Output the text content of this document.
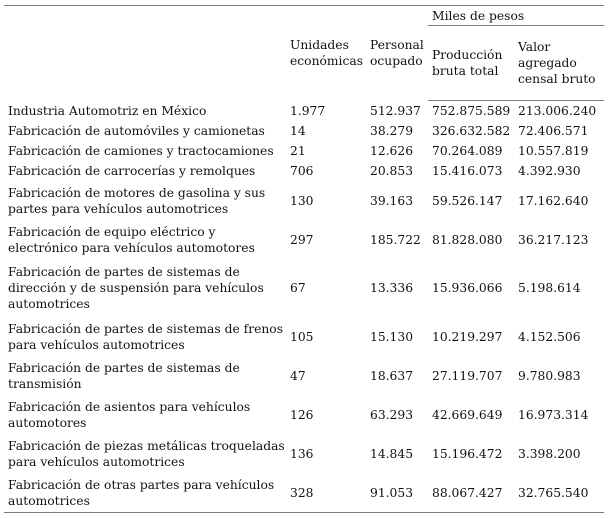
	Unidades económicas	Personal ocupado	Miles de pesos	
			Producción bruta total	Valor agregado censal bruto
Industria Automotriz en México	1.977	512.937	752.875.589	213.006.240
Fabricación de automóviles y camionetas	14	38.279	326.632.582	72.406.571
Fabricación de camiones y tractocamiones	21	12.626	70.264.089	10.557.819
Fabricación de carrocerías y remolques	706	20.853	15.416.073	4.392.930
Fabricación de motores de gasolina y sus partes para vehículos automotrices	130	39.163	59.526.147	17.162.640
Fabricación de equipo eléctrico y electrónico para vehículos automotores	297	185.722	81.828.080	36.217.123
Fabricación de partes de sistemas de dirección y de suspensión para vehículos automotrices	67	13.336	15.936.066	5.198.614
Fabricación de partes de sistemas de frenos para vehículos automotrices	105	15.130	10.219.297	4.152.506
Fabricación de partes de sistemas de transmisión	47	18.637	27.119.707	9.780.983
Fabricación de asientos para vehículos automotores	126	63.293	42.669.649	16.973.314
Fabricación de piezas metálicas troqueladas para vehículos automotrices	136	14.845	15.196.472	3.398.200
Fabricación de otras partes para vehículos automotrices	328	91.053	88.067.427	32.765.540
